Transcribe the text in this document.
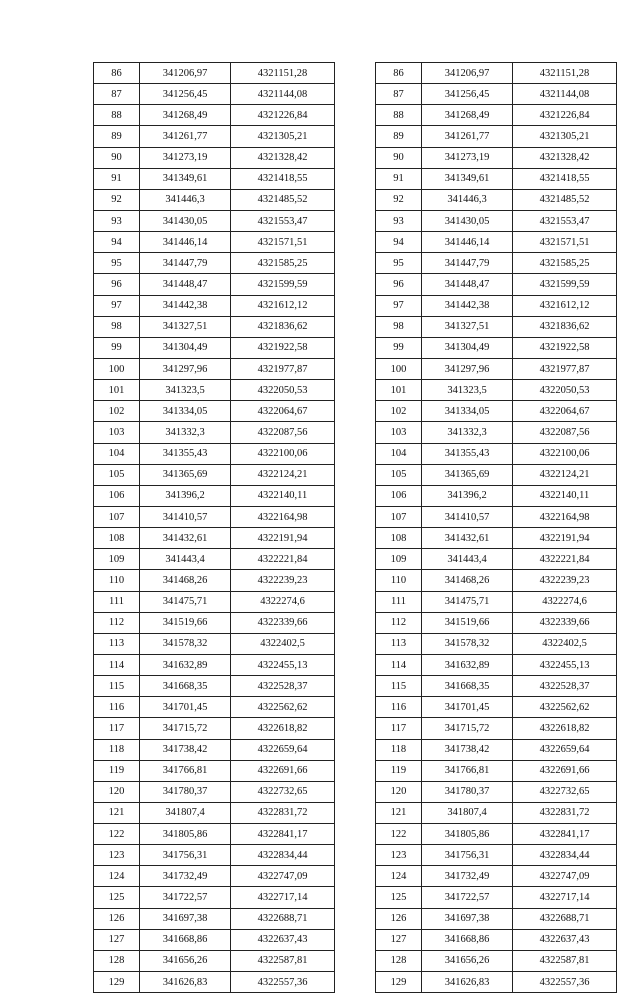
86	341206,97	4321151,28
87	341256,45	4321144,08
88	341268,49	4321226,84
89	341261,77	4321305,21
90	341273,19	4321328,42
91	341349,61	4321418,55
92	341446,3	4321485,52
93	341430,05	4321553,47
94	341446,14	4321571,51
95	341447,79	4321585,25
96	341448,47	4321599,59
97	341442,38	4321612,12
98	341327,51	4321836,62
99	341304,49	4321922,58
100	341297,96	4321977,87
101	341323,5	4322050,53
102	341334,05	4322064,67
103	341332,3	4322087,56
104	341355,43	4322100,06
105	341365,69	4322124,21
106	341396,2	4322140,11
107	341410,57	4322164,98
108	341432,61	4322191,94
109	341443,4	4322221,84
110	341468,26	4322239,23
111	341475,71	4322274,6
112	341519,66	4322339,66
113	341578,32	4322402,5
114	341632,89	4322455,13
115	341668,35	4322528,37
116	341701,45	4322562,62
117	341715,72	4322618,82
118	341738,42	4322659,64
119	341766,81	4322691,66
120	341780,37	4322732,65
121	341807,4	4322831,72
122	341805,86	4322841,17
123	341756,31	4322834,44
124	341732,49	4322747,09
125	341722,57	4322717,14
126	341697,38	4322688,71
127	341668,86	4322637,43
128	341656,26	4322587,81
129	341626,83	4322557,36
86	341206,97	4321151,28
87	341256,45	4321144,08
88	341268,49	4321226,84
89	341261,77	4321305,21
90	341273,19	4321328,42
91	341349,61	4321418,55
92	341446,3	4321485,52
93	341430,05	4321553,47
94	341446,14	4321571,51
95	341447,79	4321585,25
96	341448,47	4321599,59
97	341442,38	4321612,12
98	341327,51	4321836,62
99	341304,49	4321922,58
100	341297,96	4321977,87
101	341323,5	4322050,53
102	341334,05	4322064,67
103	341332,3	4322087,56
104	341355,43	4322100,06
105	341365,69	4322124,21
106	341396,2	4322140,11
107	341410,57	4322164,98
108	341432,61	4322191,94
109	341443,4	4322221,84
110	341468,26	4322239,23
111	341475,71	4322274,6
112	341519,66	4322339,66
113	341578,32	4322402,5
114	341632,89	4322455,13
115	341668,35	4322528,37
116	341701,45	4322562,62
117	341715,72	4322618,82
118	341738,42	4322659,64
119	341766,81	4322691,66
120	341780,37	4322732,65
121	341807,4	4322831,72
122	341805,86	4322841,17
123	341756,31	4322834,44
124	341732,49	4322747,09
125	341722,57	4322717,14
126	341697,38	4322688,71
127	341668,86	4322637,43
128	341656,26	4322587,81
129	341626,83	4322557,36
